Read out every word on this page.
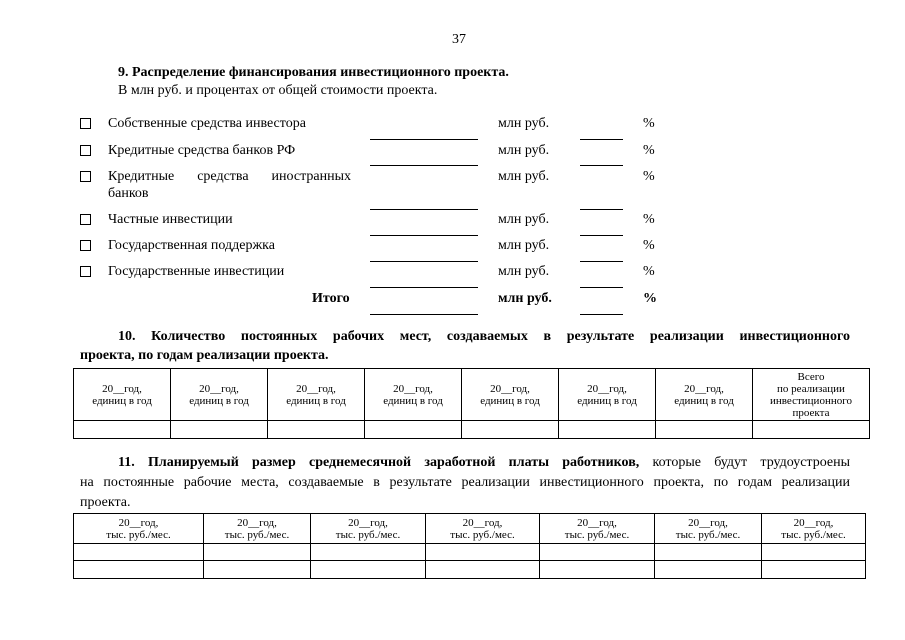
37
9. Распределение финансирования инвестиционного проекта.
В млн руб. и процентах от общей стоимости проекта.
Собственные средства инвестора	млн руб.	%
Кредитные средства банков РФ	млн руб.	%
Кредитные средства иностранных
банков
млн руб.	%
Частные инвестиции	млн руб.	%
Государственная поддержка	млн руб.	%
Государственные инвестиции	млн руб.	%
Итого	млн руб.	%
10. Количество постоянных рабочих мест, создаваемых в результате реализации инвестиционного
проекта, по годам реализации проекта.
20__год,
единиц в год	20__год,
единиц в год	20__год,
единиц в год	20__год,
единиц в год	20__год,
единиц в год	20__год,
единиц в год	20__год,
единиц в год	Всего
по реализации
инвестиционного
проекта

11. Планируемый размер среднемесячной заработной платы работников, которые будут трудоустроены
на постоянные рабочие места, создаваемые в результате реализации инвестиционного проекта, по годам реализации
проекта.
20__год,
тыс. руб./мес.	20__год,
тыс. руб./мес.	20__год,
тыс. руб./мес.	20__год,
тыс. руб./мес.	20__год,
тыс. руб./мес.	20__год,
тыс. руб./мес.	20__год,
тыс. руб./мес.
